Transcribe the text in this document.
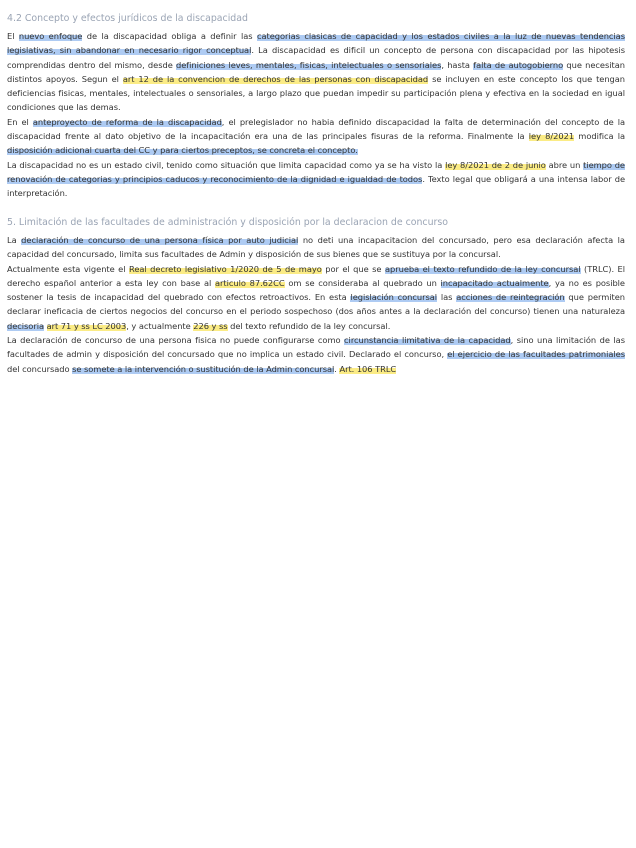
4.2 Concepto y efectos jurídicos de la discapacidad

El nuevo enfoque de la discapacidad obliga a definir las categorias clasicas de capacidad y los estados civiles a la luz de nuevas tendencias legislativas, sin abandonar en necesario rigor conceptual. La discapacidad es dificil un concepto de persona con discapacidad por las hipotesis comprendidas dentro del mismo, desde definiciones leves, mentales, fisicas, intelectuales o sensoriales, hasta falta de autogobierno que necesitan distintos apoyos. Segun el art 12 de la convencion de derechos de las personas con discapacidad se incluyen en este concepto los que tengan deficiencias fisicas, mentales, intelectuales o sensoriales, a largo plazo que puedan impedir su participación plena y efectiva en la sociedad en igual condiciones que las demas.

En el anteproyecto de reforma de la discapacidad, el prelegislador no habia definido discapacidad la falta de determinación del concepto de la discapacidad frente al dato objetivo de la incapacitación era una de las principales fisuras de la reforma. Finalmente la ley 8/2021 modifica la disposición adicional cuarta del CC y para ciertos preceptos, se concreta el concepto.

La discapacidad no es un estado civil, tenido como situación que limita capacidad como ya se ha visto la ley 8/2021 de 2 de junio abre un tiempo de renovación de categorias y principios caducos y reconocimiento de la dignidad e igualdad de todos. Texto legal que obligará a una intensa labor de interpretación.

5. Limitación de las facultades de administración y disposición por la declaracion de concurso

La declaración de concurso de una persona física por auto judicial no deti una incapacitacion del concursado, pero esa declaración afecta la capacidad del concursado, limita sus facultades de Admin y disposición de sus bienes que se sustituya por la concursal.

Actualmente esta vigente el Real decreto legislativo 1/2020 de 5 de mayo por el que se aprueba el texto refundido de la ley concursal (TRLC). El derecho español anterior a esta ley con base al articulo 87.62CC om se consideraba al quebrado un incapacitado actualmente, ya no es posible sostener la tesis de incapacidad del quebrado con efectos retroactivos. En esta legislación concursal las acciones de reintegración que permiten declarar ineficacia de ciertos negocios del concurso en el periodo sospechoso (dos años antes a la declaración del concurso) tienen una naturaleza decisoria art 71 y ss LC 2003, y actualmente 226 y ss del texto refundido de la ley concursal.

La declaración de concurso de una persona fisica no puede configurarse como circunstancia limitativa de la capacidad, sino una limitación de las facultades de admin y disposición del concursado que no implica un estado civil. Declarado el concurso, el ejercicio de las facultades patrimoniales del concursado se somete a la intervención o sustitución de la Admin concursal. Art. 106 TRLC
